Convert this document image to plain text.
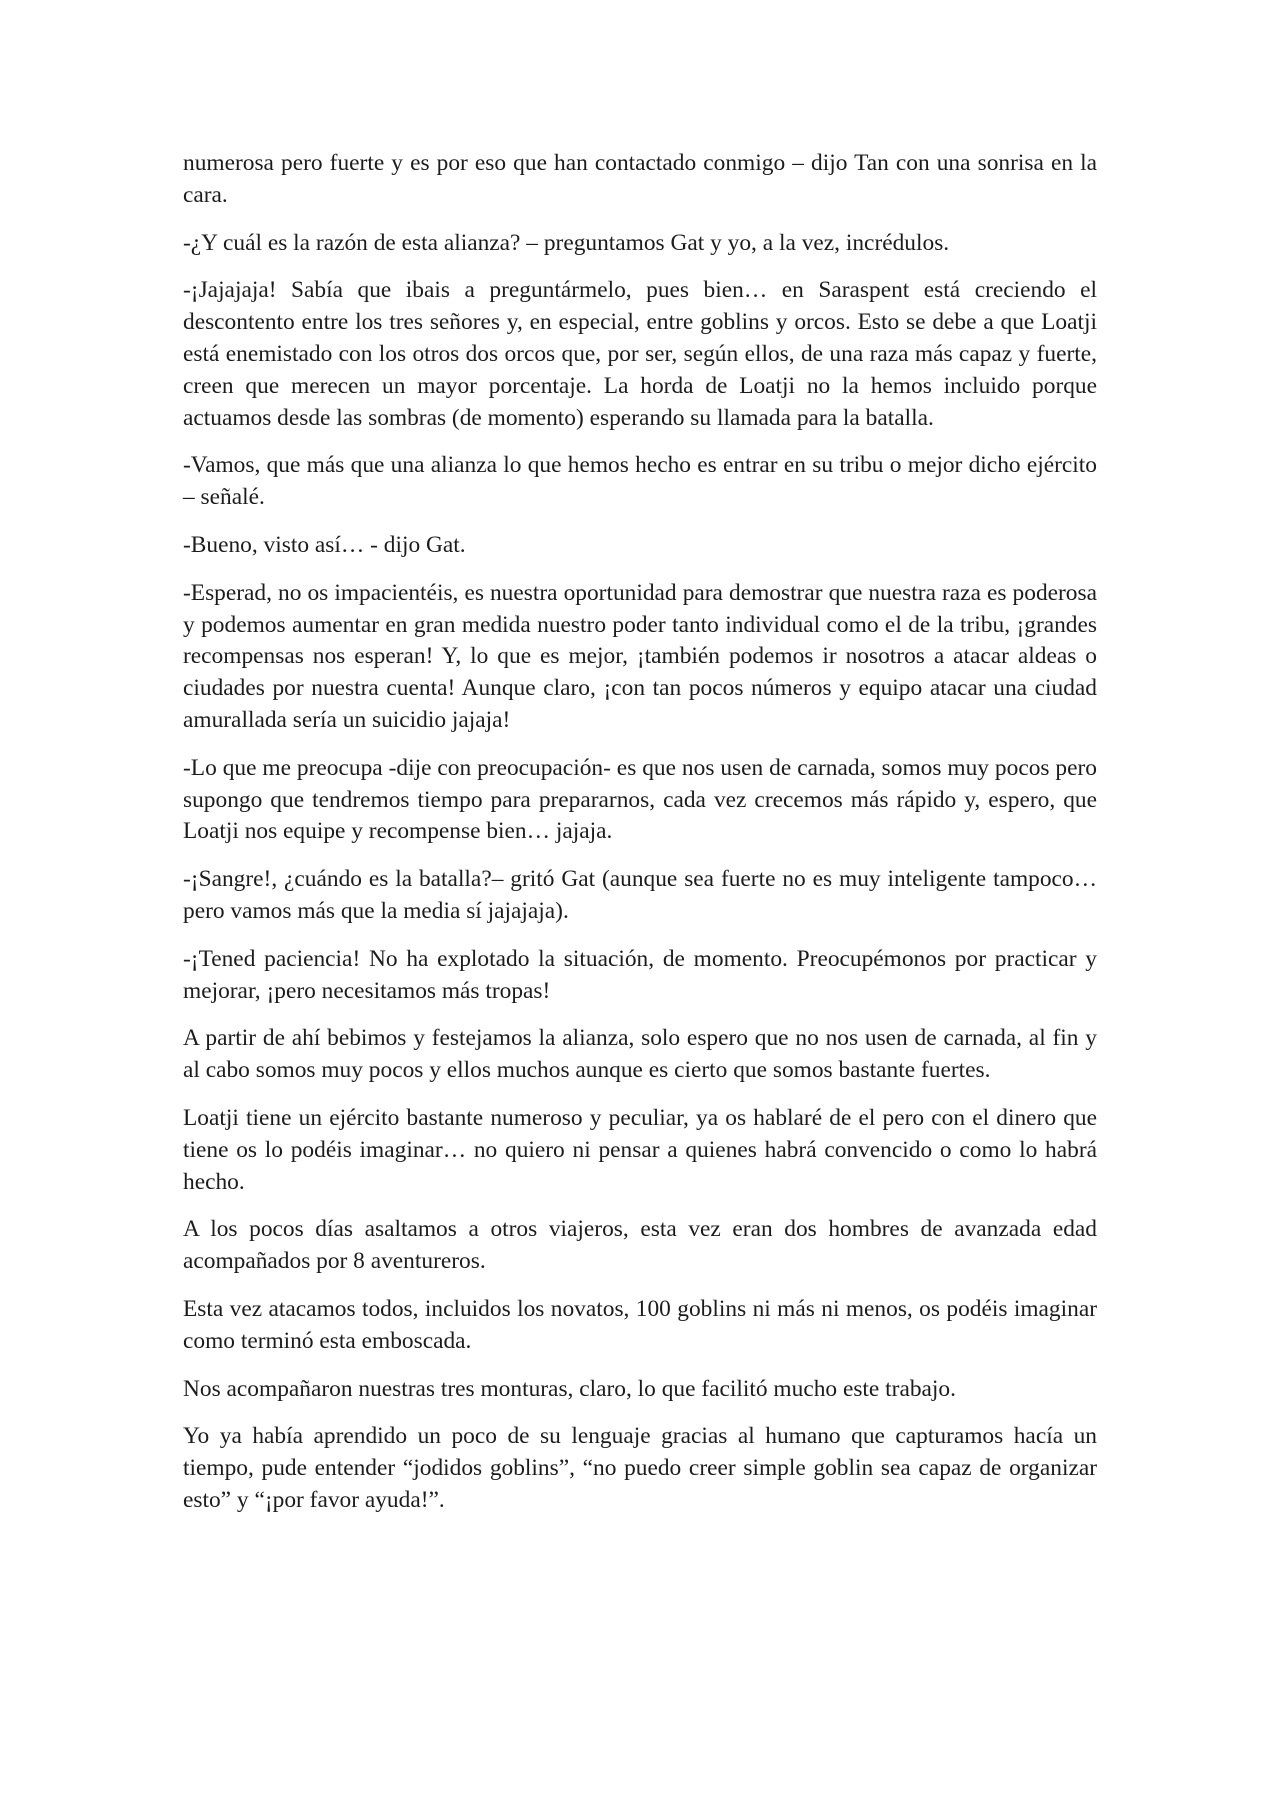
numerosa pero fuerte y es por eso que han contactado conmigo – dijo Tan con una sonrisa en la cara.

-¿Y cuál es la razón de esta alianza? – preguntamos Gat y yo, a la vez, incrédulos.

-¡Jajajaja! Sabía que ibais a preguntármelo, pues bien… en Saraspent está creciendo el descontento entre los tres señores y, en especial, entre goblins y orcos. Esto se debe a que Loatji está enemistado con los otros dos orcos que, por ser, según ellos, de una raza más capaz y fuerte, creen que merecen un mayor porcentaje. La horda de Loatji no la hemos incluido porque actuamos desde las sombras (de momento) esperando su llamada para la batalla.

-Vamos, que más que una alianza lo que hemos hecho es entrar en su tribu o mejor dicho ejército – señalé.

-Bueno, visto así… - dijo Gat.

-Esperad, no os impacientéis, es nuestra oportunidad para demostrar que nuestra raza es poderosa y podemos aumentar en gran medida nuestro poder tanto individual como el de la tribu, ¡grandes recompensas nos esperan! Y, lo que es mejor, ¡también podemos ir nosotros a atacar aldeas o ciudades por nuestra cuenta! Aunque claro, ¡con tan pocos números y equipo atacar una ciudad amurallada sería un suicidio jajaja!

-Lo que me preocupa -dije con preocupación- es que nos usen de carnada, somos muy pocos pero supongo que tendremos tiempo para prepararnos, cada vez crecemos más rápido y, espero, que Loatji nos equipe y recompense bien… jajaja.

-¡Sangre!, ¿cuándo es la batalla?– gritó Gat (aunque sea fuerte no es muy inteligente tampoco… pero vamos más que la media sí jajajaja).

-¡Tened paciencia! No ha explotado la situación, de momento. Preocupémonos por practicar y mejorar, ¡pero necesitamos más tropas!

A partir de ahí bebimos y festejamos la alianza, solo espero que no nos usen de carnada, al fin y al cabo somos muy pocos y ellos muchos aunque es cierto que somos bastante fuertes.

Loatji tiene un ejército bastante numeroso y peculiar, ya os hablaré de el pero con el dinero que tiene os lo podéis imaginar… no quiero ni pensar a quienes habrá convencido o como lo habrá hecho.

A los pocos días asaltamos a otros viajeros, esta vez eran dos hombres de avanzada edad acompañados por 8 aventureros.

Esta vez atacamos todos, incluidos los novatos, 100 goblins ni más ni menos, os podéis imaginar como terminó esta emboscada.

Nos acompañaron nuestras tres monturas, claro, lo que facilitó mucho este trabajo.

Yo ya había aprendido un poco de su lenguaje gracias al humano que capturamos hacía un tiempo, pude entender “jodidos goblins”, “no puedo creer simple goblin sea capaz de organizar esto” y “¡por favor ayuda!”.
